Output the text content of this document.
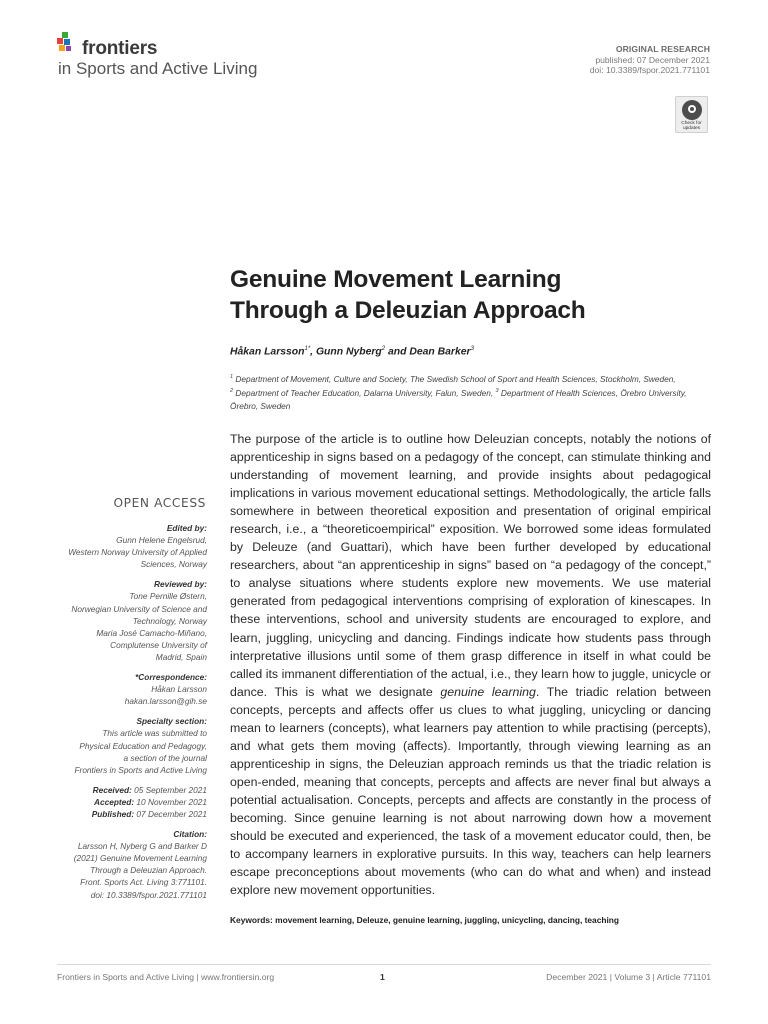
frontiers
in Sports and Active Living
ORIGINAL RESEARCH
published: 07 December 2021
doi: 10.3389/fspor.2021.771101
Check for
updates
Genuine Movement Learning
Through a Deleuzian Approach
Håkan Larsson$^{1*}$, Gunn Nyberg$^2$ and Dean Barker$^3$
$^1$ Department of Movement, Culture and Society, The Swedish School of Sport and Health Sciences, Stockholm, Sweden,
$^2$ Department of Teacher Education, Dalarna University, Falun, Sweden, $^3$ Department of Health Sciences, Örebro University, Örebro, Sweden
The purpose of the article is to outline how Deleuzian concepts, notably the notions of apprenticeship in signs based on a pedagogy of the concept, can stimulate thinking and understanding of movement learning, and provide insights about pedagogical implications in various movement educational settings. Methodologically, the article falls somewhere in between theoretical exposition and presentation of original empirical research, i.e., a “theoreticoempirical” exposition. We borrowed some ideas formulated by Deleuze (and Guattari), which have been further developed by educational researchers, about “an apprenticeship in signs” based on “a pedagogy of the concept,” to analyse situations where students explore new movements. We use material generated from pedagogical interventions comprising of exploration of kinescapes. In these interventions, school and university students are encouraged to explore, and learn, juggling, unicycling and dancing. Findings indicate how students pass through interpretative illusions until some of them grasp difference in itself in what could be called its immanent differentiation of the actual, i.e., they learn how to juggle, unicycle or dance. This is what we designate genuine learning. The triadic relation between concepts, percepts and affects offer us clues to what juggling, unicycling or dancing mean to learners (concepts), what learners pay attention to while practising (percepts), and what gets them moving (affects). Importantly, through viewing learning as an apprenticeship in signs, the Deleuzian approach reminds us that the triadic relation is open-ended, meaning that concepts, percepts and affects are never final but always a potential actualisation. Concepts, percepts and affects are constantly in the process of becoming. Since genuine learning is not about narrowing down how a movement should be executed and experienced, the task of a movement educator could, then, be to accompany learners in explorative pursuits. In this way, teachers can help learners escape preconceptions about movements (who can do what and when) and instead explore new movement opportunities.
Keywords: movement learning, Deleuze, genuine learning, juggling, unicycling, dancing, teaching
OPEN ACCESS
Edited by:
Gunn Helene Engelsrud,
Western Norway University of Applied
Sciences, Norway
Reviewed by:
Tone Pernille Østern,
Norwegian University of Science and
Technology, Norway
Maria José Camacho-Miñano,
Complutense University of
Madrid, Spain
*Correspondence:
Håkan Larsson
hakan.larsson@gih.se
Specialty section:
This article was submitted to
Physical Education and Pedagogy,
a section of the journal
Frontiers in Sports and Active Living
Received: 05 September 2021
Accepted: 10 November 2021
Published: 07 December 2021
Citation:
Larsson H, Nyberg G and Barker D
(2021) Genuine Movement Learning
Through a Deleuzian Approach.
Front. Sports Act. Living 3:771101.
doi: 10.3389/fspor.2021.771101
Frontiers in Sports and Active Living | www.frontiersin.org	1	December 2021 | Volume 3 | Article 771101
